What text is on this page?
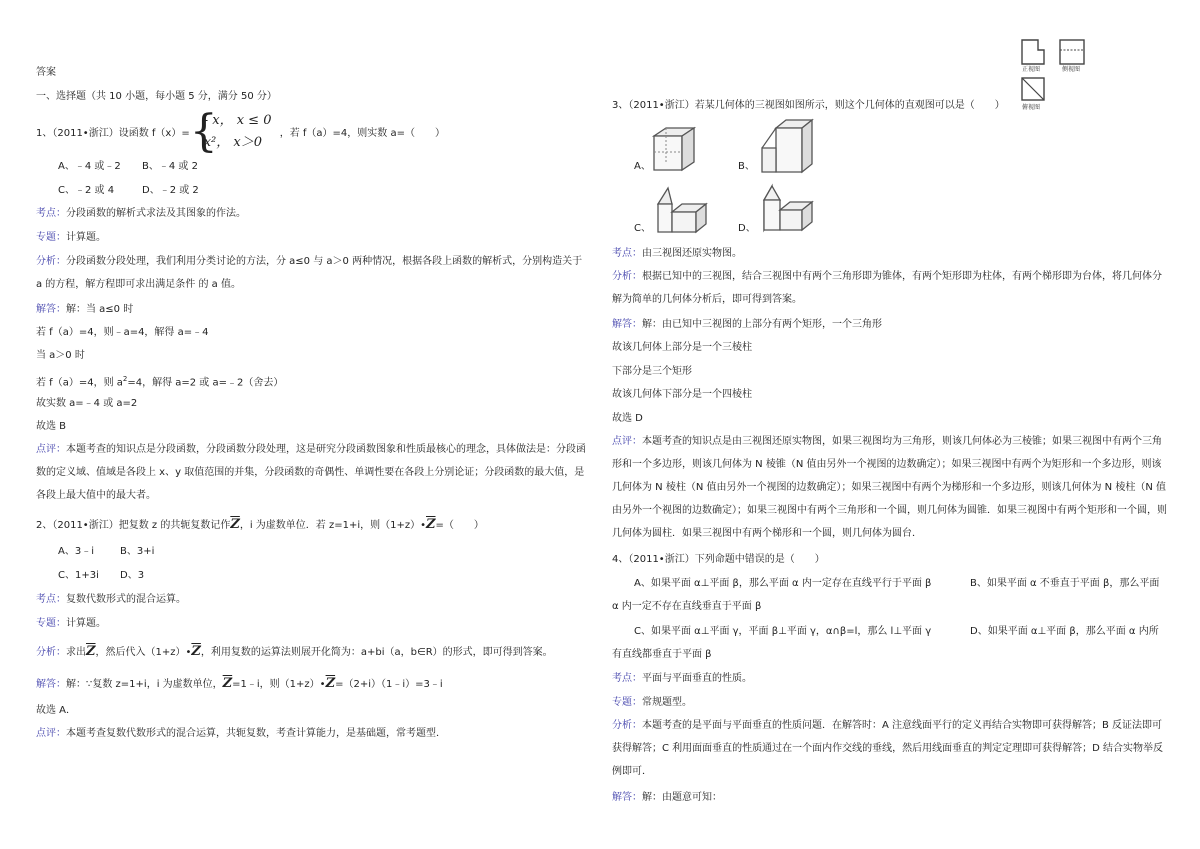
答案
一、选择题（共 10 小题，每小题 5 分，满分 50 分）
1、（2011•浙江）设函数 f（x）= {
- x， x ≤ 0
x²， x＞0
，若 f（a）=4，则实数 a=（　　）
A、﹣4 或﹣2 B、﹣4 或 2
C、﹣2 或 4	D、﹣2 或 2
考点：分段函数的解析式求法及其图象的作法。
专题：计算题。
分析：分段函数分段处理，我们利用分类讨论的方法，分 a≤0 与 a＞0 两种情况，根据各段上函数的解析式，分别构造关于 a 的方程，解方程即可求出满足条件 的 a 值。
解答：解：当 a≤0 时
若 f（a）=4，则﹣a=4，解得 a=﹣4
当 a＞0 时
若 f（a）=4，则 $a^2=4$，解得 a=2 或 a=﹣2（舍去）
故实数 a=﹣4 或 a=2
故选 B
点评：本题考查的知识点是分段函数，分段函数分段处理，这是研究分段函数图象和性质最核心的理念，具体做法是：分段函数的定义域、值域是各段上 x、y 取值范围的并集，分段函数的奇偶性、单调性要在各段上分别论证；分段函数的最大值，是各段上最大值中的最大者。
2、（2011•浙江）把复数 z 的共轭复数记作$\overline{Z}$，i 为虚数单位．若 z=1+i，则$(1+z)•\overline{Z}=$（　　）
A、3﹣i	B、3+i
C、1+3i D、3
考点：复数代数形式的混合运算。
专题：计算题。
分析：求出$\overline{Z}$，然后代入$(1+z)•\overline{Z}$，利用复数的运算法则展开化简为：a+bi（a，b∈R）的形式，即可得到答案。
解答：解：∵复数 z=1+i，i 为虚数单位，$\overline{Z}=1﹣i$，则$(1+z)•\overline{Z}=(2+i)(1﹣i)=3﹣i$
故选 A．
点评：本题考查复数代数形式的混合运算，共轭复数，考查计算能力，是基础题，常考题型．
正视图	侧视图
俯视图
3、（2011•浙江）若某几何体的三视图如图所示，则这个几何体的直观图可以是（　　）
A、	B、
C、	D、
考点：由三视图还原实物图。
分析：根据已知中的三视图，结合三视图中有两个三角形即为锥体，有两个矩形即为柱体，有两个梯形即为台体，将几何体分解为简单的几何体分析后，即可得到答案。
解答：解：由已知中三视图的上部分有两个矩形，一个三角形
故该几何体上部分是一个三棱柱
下部分是三个矩形
故该几何体下部分是一个四棱柱
故选 D
点评：本题考查的知识点是由三视图还原实物图，如果三视图均为三角形，则该几何体必为三棱锥；如果三视图中有两个三角形和一个多边形，则该几何体为 N 棱锥（N 值由另外一个视图的边数确定）；如果三视图中有两个为矩形和一个多边形，则该几何体为 N 棱柱（N 值由另外一个视图的边数确定）；如果三视图中有两个为梯形和一个多边形，则该几何体为 N 棱柱（N 值由另外一个视图的边数确定）；如果三视图中有两个三角形和一个圆，则几何体为圆锥．如果三视图中有两个矩形和一个圆，则几何体为圆柱．如果三视图中有两个梯形和一个圆，则几何体为圆台．
4、（2011•浙江）下列命题中错误的是（　　）
A、如果平面 α⊥平面 β，那么平面 α 内一定存在直线平行于平面 β	B、如果平面 α 不垂直于平面 β，那么平面
α 内一定不存在直线垂直于平面 β
C、如果平面 α⊥平面 γ，平面 β⊥平面 γ，α∩β=l，那么 l⊥平面 γ	D、如果平面 α⊥平面 β，那么平面 α 内所
有直线都垂直于平面 β
考点：平面与平面垂直的性质。
专题：常规题型。
分析：本题考查的是平面与平面垂直的性质问题．在解答时：A 注意线面平行的定义再结合实物即可获得解答；B 反证法即可获得解答；C 利用面面垂直的性质通过在一个面内作交线的垂线，然后用线面垂直的判定定理即可获得解答；D 结合实物举反例即可．
解答：解：由题意可知：
